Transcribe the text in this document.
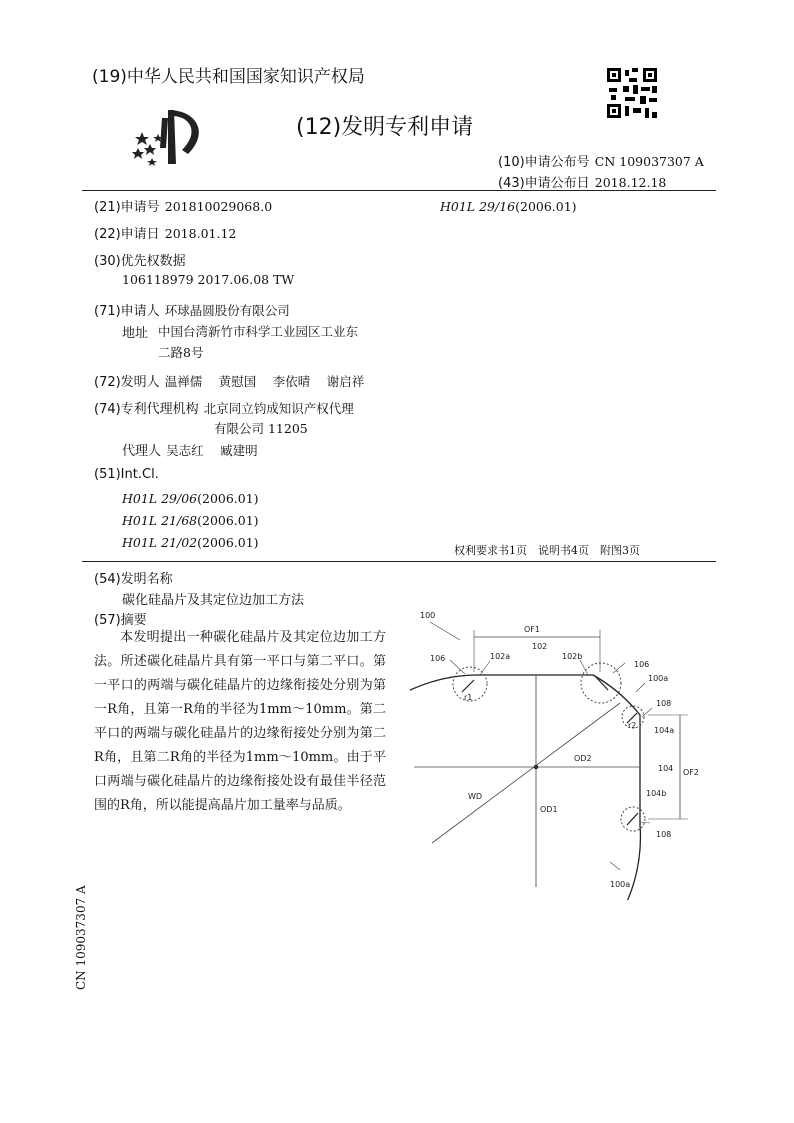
(19)中华人民共和国国家知识产权局
(12)发明专利申请
(10)申请公布号 CN 109037307 A
(43)申请公布日 2018.12.18
(21)申请号 201810029068.0	H01L 29/16(2006.01)
(22)申请日 2018.01.12
(30)优先权数据
106118979 2017.06.08 TW
(71)申请人 环球晶圆股份有限公司
地址 中国台湾新竹市科学工业园区工业东
二路8号
(72)发明人 温禅儒　 黄慰国　 李依晴　 谢启祥
(74)专利代理机构 北京同立钧成知识产权代理
有限公司 11205
代理人 吴志红　 臧建明
(51)Int.Cl.
H01L 29/06(2006.01)
H01L 21/68(2006.01)
H01L 21/02(2006.01)
权利要求书1页　说明书4页　附图3页
(54)发明名称
碳化硅晶片及其定位边加工方法
(57)摘要
本发明提出一种碳化硅晶片及其定位边加工方法。所述碳化硅晶片具有第一平口与第二平口。第一平口的两端与碳化硅晶片的边缘衔接处分别为第一R角，且第一R角的半径为1mm～10mm。第二平口的两端与碳化硅晶片的边缘衔接处分别为第二R角，且第二R角的半径为1mm～10mm。由于平口两端与碳化硅晶片的边缘衔接处设有最佳半径范围的R角，所以能提高晶片加工量率与品质。
CN 109037307 A
100
OF1
102
102a	102b
106
106
100a
108
r1
r2
104a
OD2
104 OF2
WD
OD1
104b
108
100a
